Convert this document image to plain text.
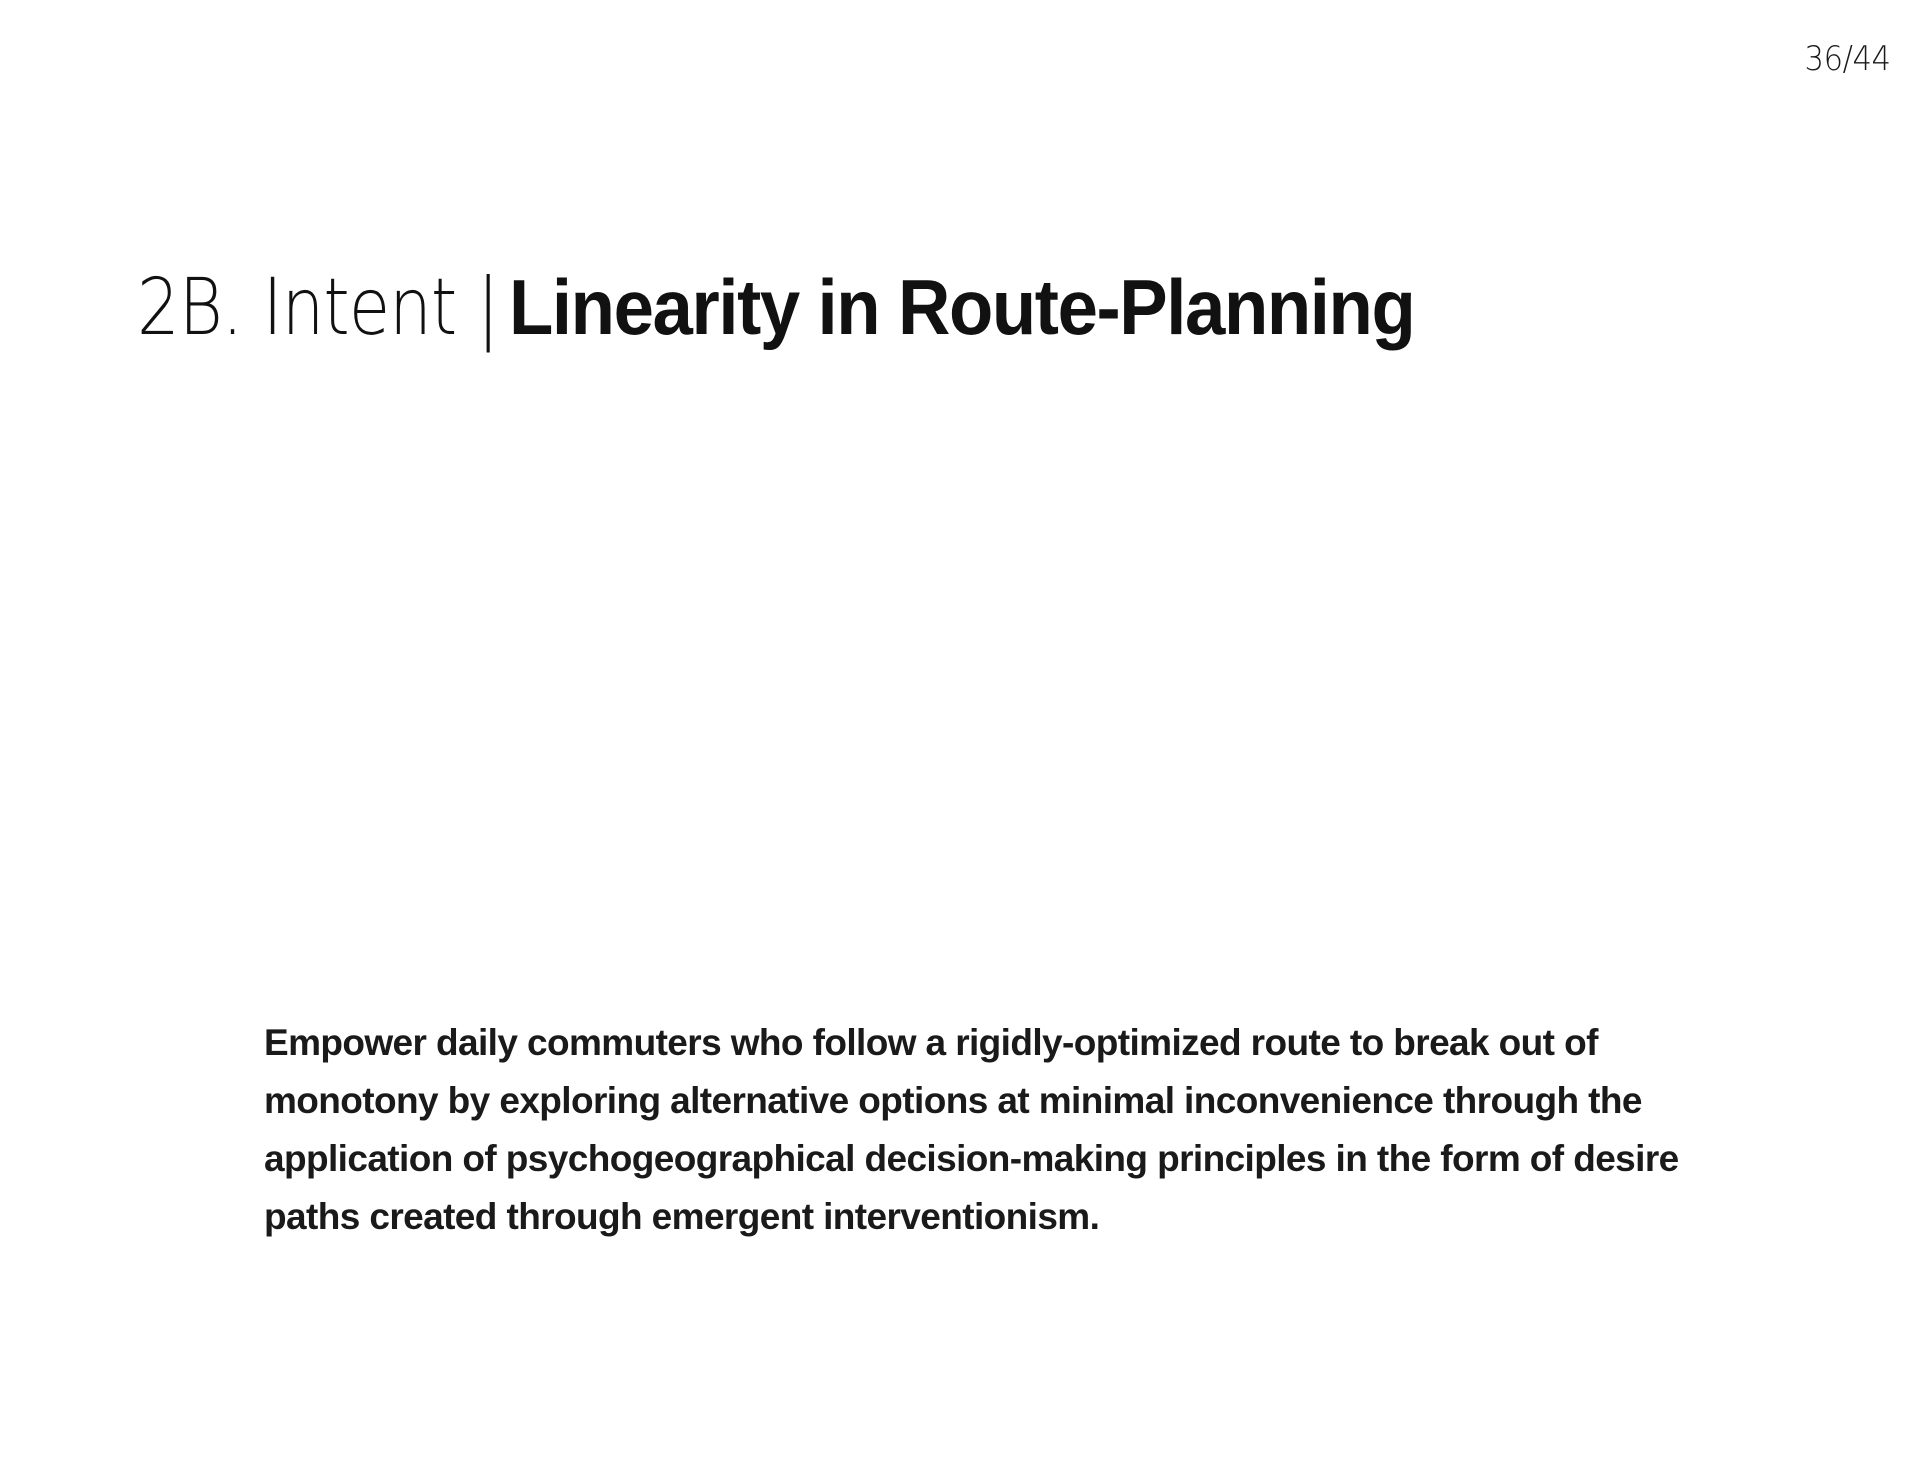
36/44
2B. Intent |Linearity in Route-Planning

Empower daily commuters who follow a rigidly-optimized route to break out of monotony by exploring alternative options at minimal inconvenience through the application of psychogeographical decision-making principles in the form of desire paths created through emergent interventionism.
